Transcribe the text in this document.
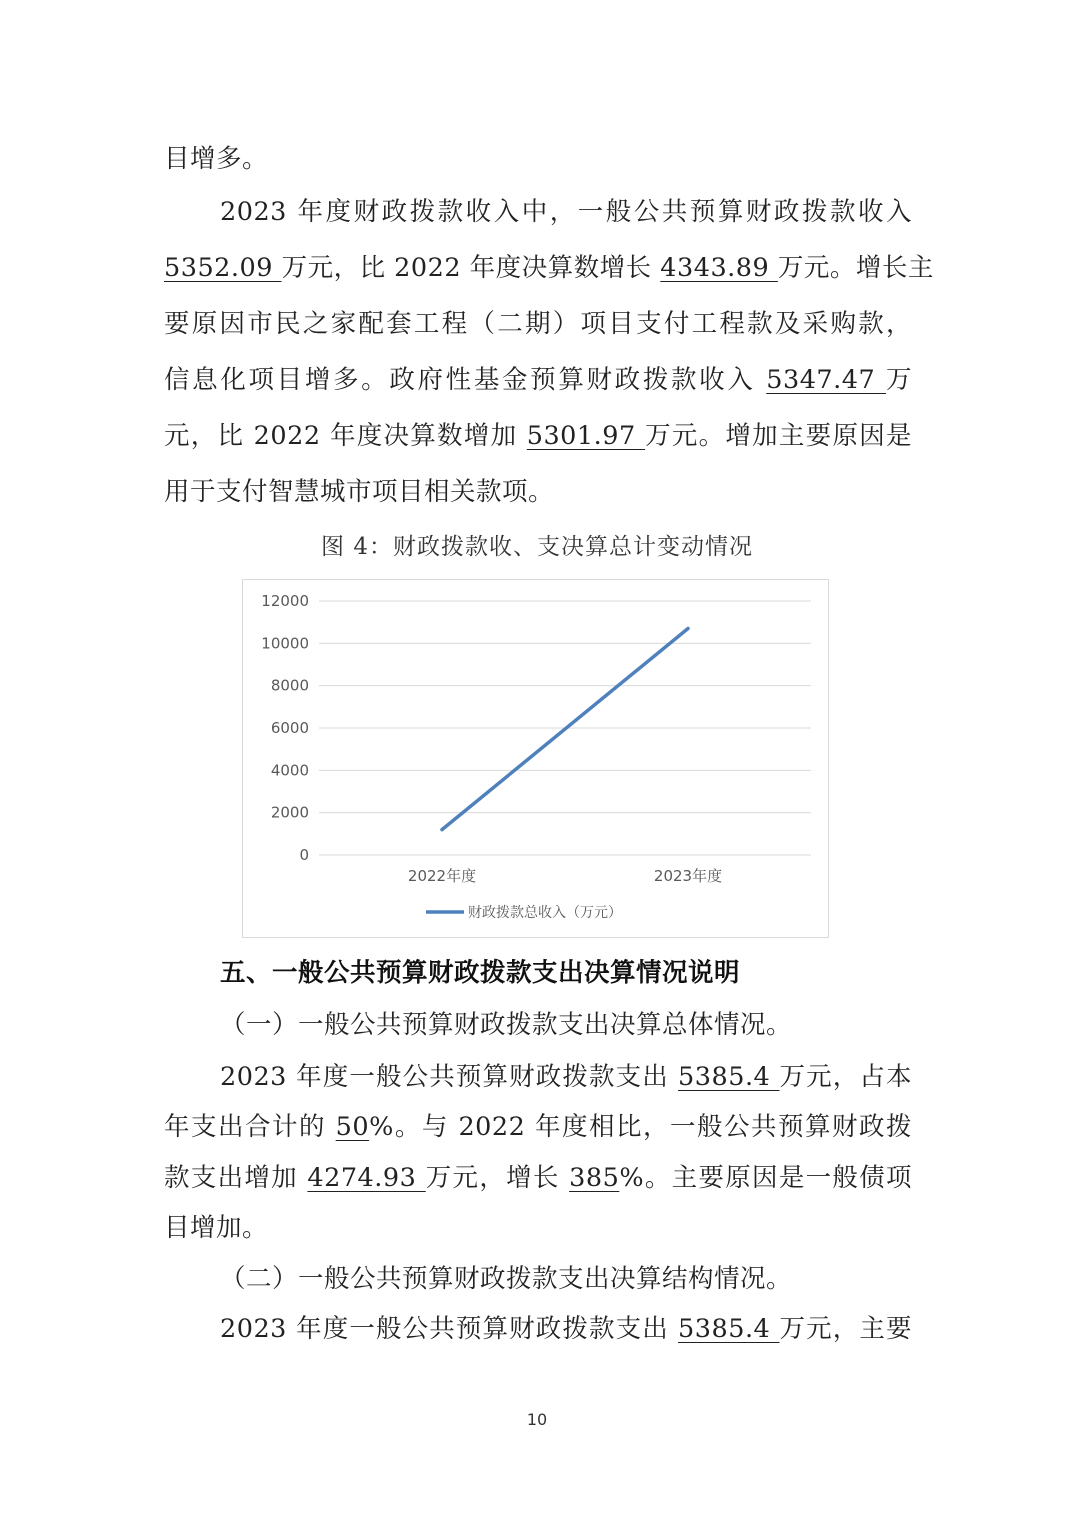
目增多。

2023 年度财政拨款收入中，一般公共预算财政拨款收入

5352.09 万元，比 2022 年度决算数增长 4343.89 万元。增长主

要原因市民之家配套工程（二期）项目支付工程款及采购款，

信息化项目增多。政府性基金预算财政拨款收入 5347.47 万

元，比 2022 年度决算数增加 5301.97 万元。增加主要原因是

用于支付智慧城市项目相关款项。

图 4：财政拨款收、支决算总计变动情况

0
2000
4000
6000
8000
10000
12000
2022年度	2023年度
财政拨款总收入（万元）

五、一般公共预算财政拨款支出决算情况说明

（一）一般公共预算财政拨款支出决算总体情况。

2023 年度一般公共预算财政拨款支出 5385.4 万元，占本

年支出合计的 50%。与 2022 年度相比，一般公共预算财政拨

款支出增加 4274.93 万元，增长 385%。主要原因是一般债项

目增加。

（二）一般公共预算财政拨款支出决算结构情况。

2023 年度一般公共预算财政拨款支出 5385.4 万元，主要

10
